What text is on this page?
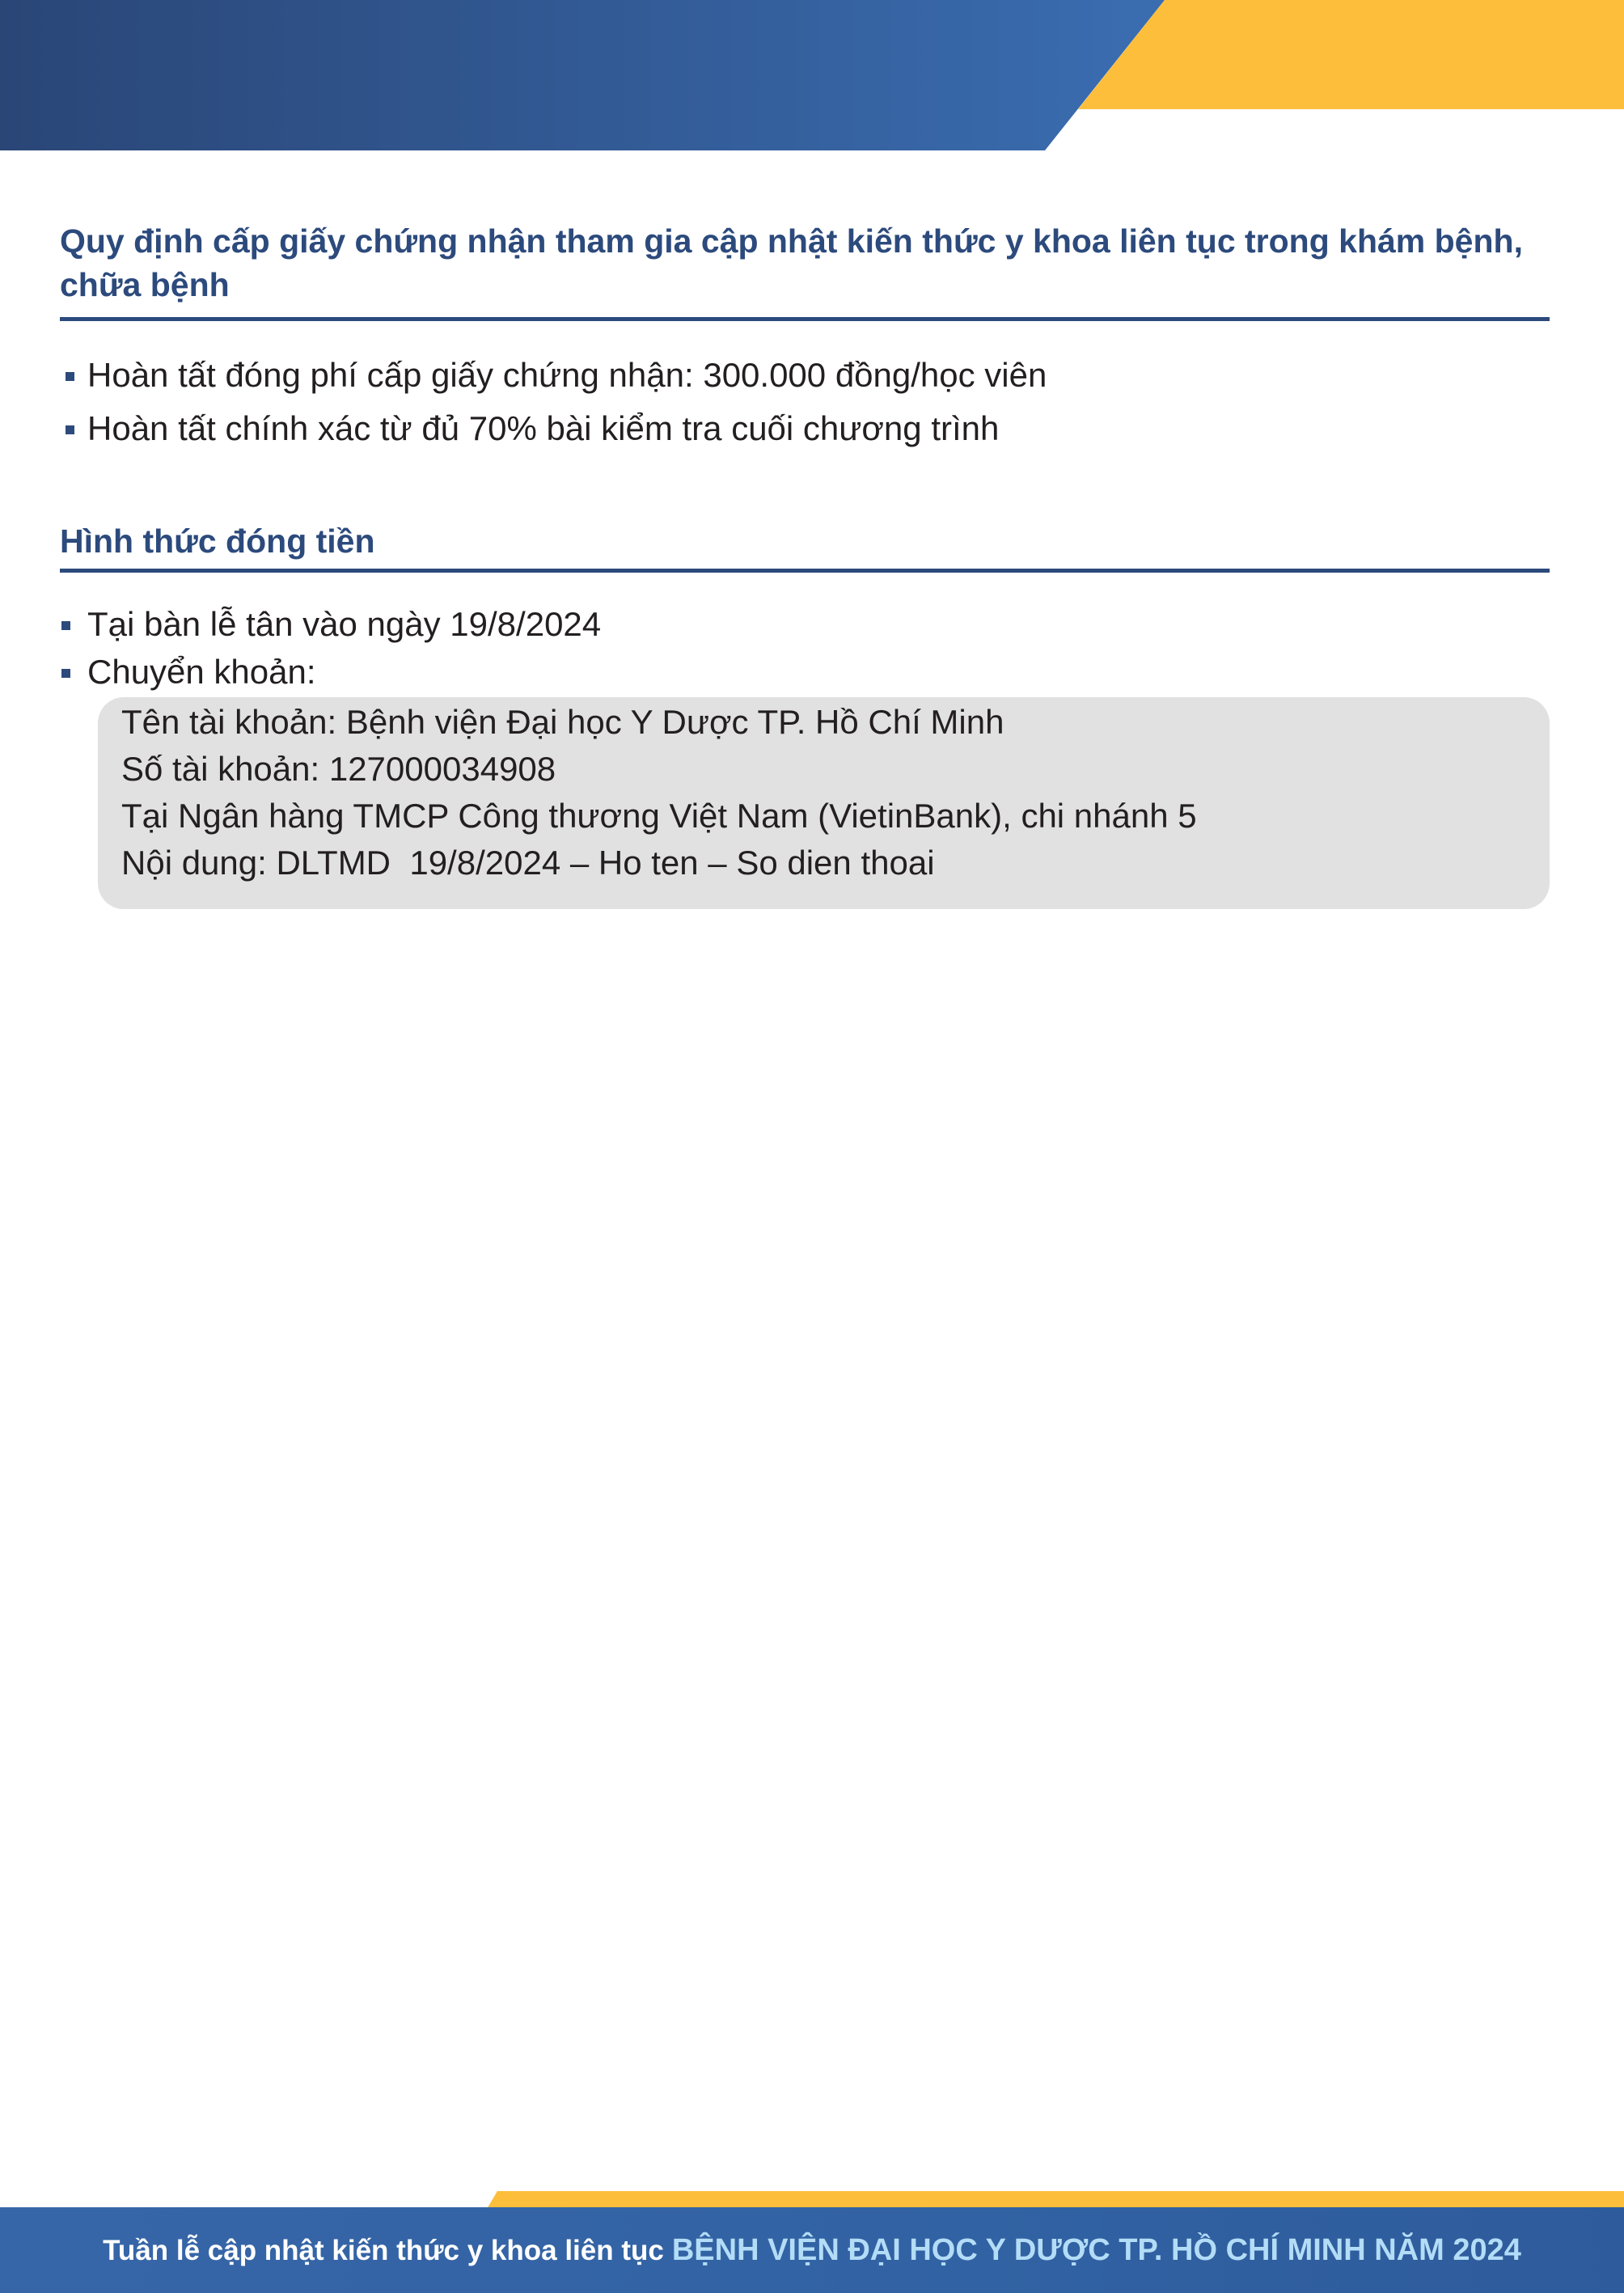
Quy định cấp giấy chứng nhận tham gia cập nhật kiến thức y khoa liên tục trong khám bệnh,
chữa bệnh
Hoàn tất đóng phí cấp giấy chứng nhận: 300.000 đồng/học viên
Hoàn tất chính xác từ đủ 70% bài kiểm tra cuối chương trình
Hình thức đóng tiền
Tại bàn lễ tân vào ngày 19/8/2024
Chuyển khoản:
Tên tài khoản: Bệnh viện Đại học Y Dược TP. Hồ Chí Minh
Số tài khoản: 127000034908
Tại Ngân hàng TMCP Công thương Việt Nam (VietinBank), chi nhánh 5
Nội dung: DLTMD  19/8/2024 – Ho ten – So dien thoai
Tuần lễ cập nhật kiến thức y khoa liên tục BỆNH VIỆN ĐẠI HỌC Y DƯỢC TP. HỒ CHÍ MINH NĂM 2024
